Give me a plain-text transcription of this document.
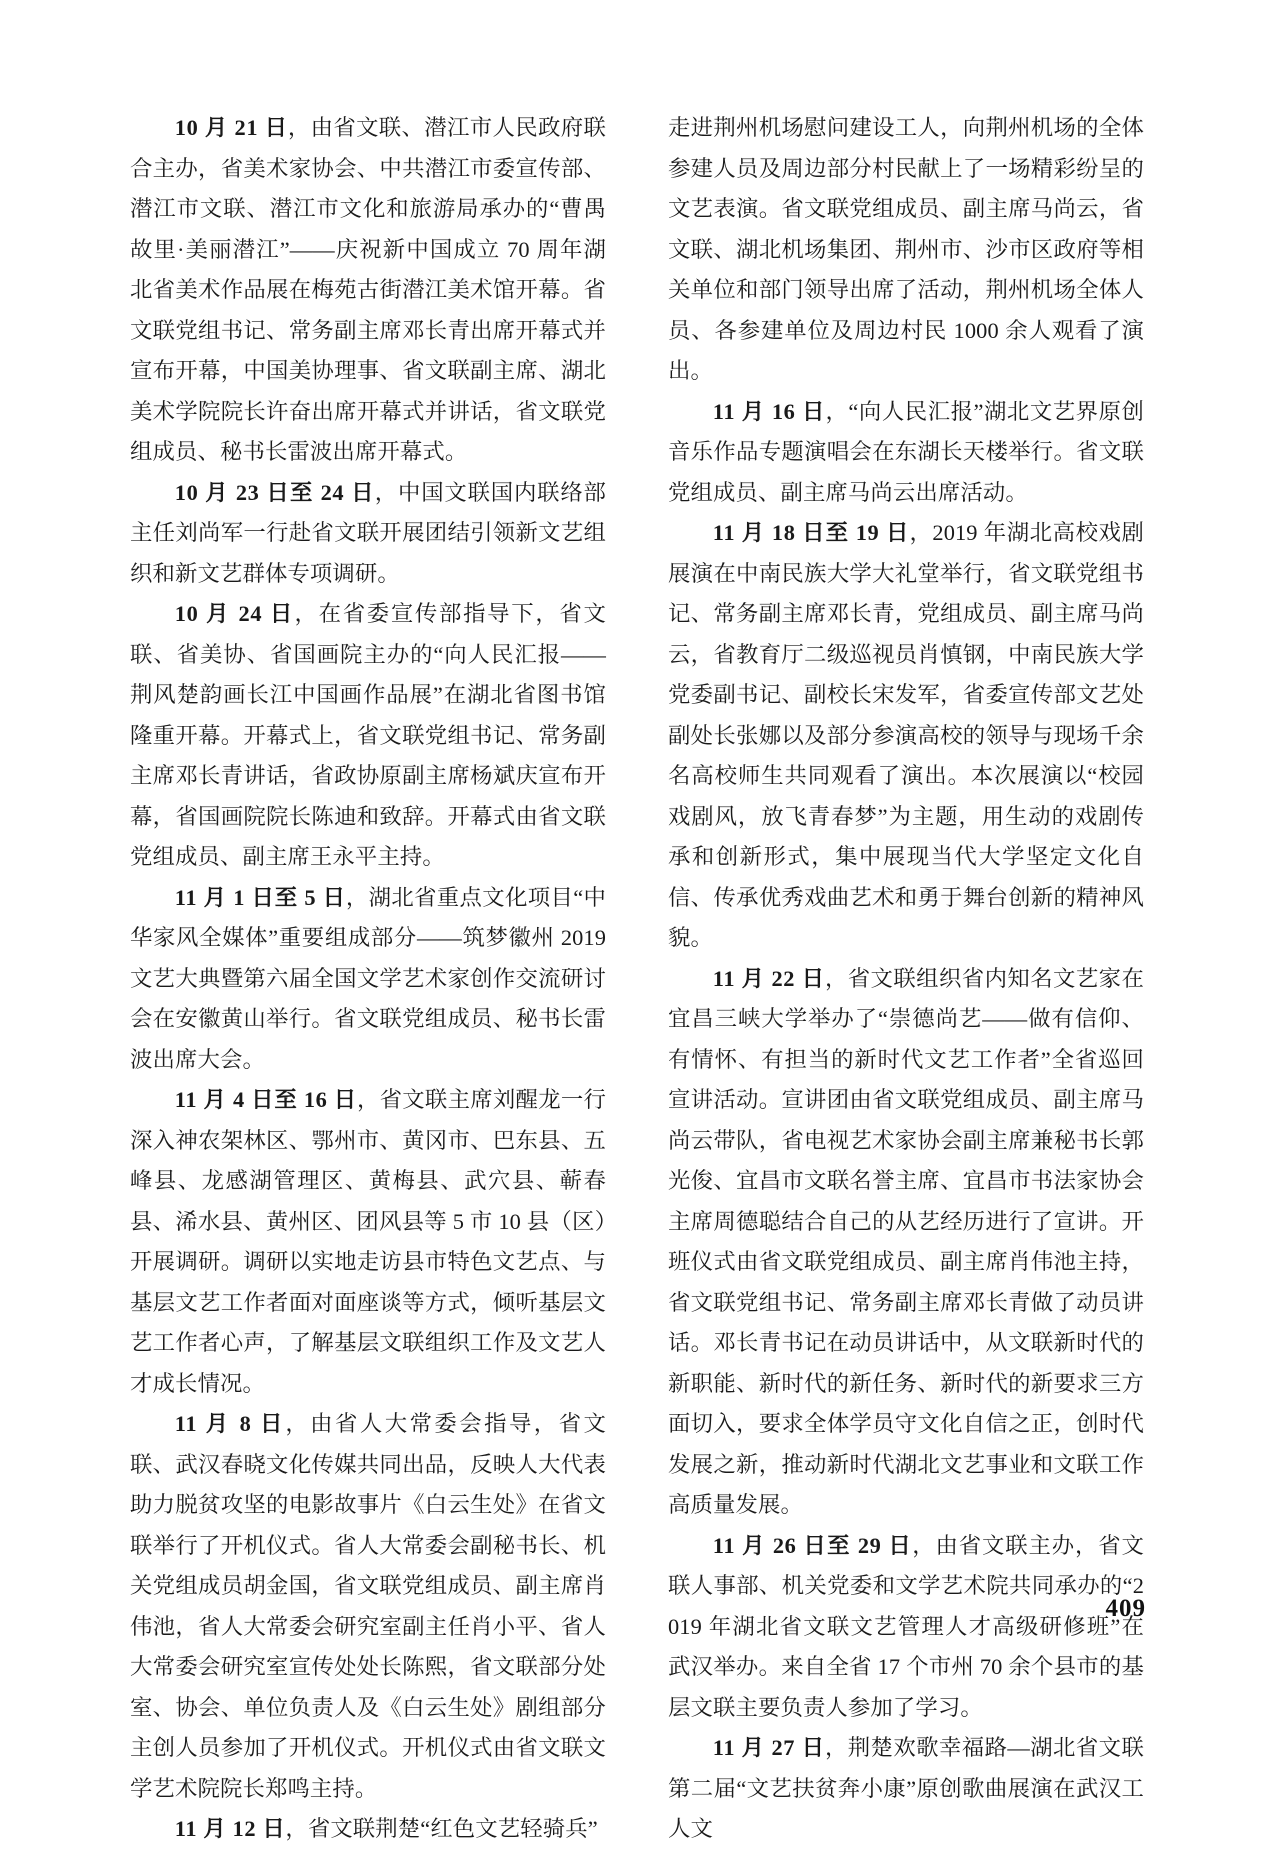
10 月 21 日，由省文联、潜江市人民政府联合主办，省美术家协会、中共潜江市委宣传部、潜江市文联、潜江市文化和旅游局承办的“曹禺故里·美丽潜江”——庆祝新中国成立 70 周年湖北省美术作品展在梅苑古街潜江美术馆开幕。省文联党组书记、常务副主席邓长青出席开幕式并宣布开幕，中国美协理事、省文联副主席、湖北美术学院院长许奋出席开幕式并讲话，省文联党组成员、秘书长雷波出席开幕式。

10 月 23 日至 24 日，中国文联国内联络部主任刘尚军一行赴省文联开展团结引领新文艺组织和新文艺群体专项调研。

10 月 24 日，在省委宣传部指导下，省文联、省美协、省国画院主办的“向人民汇报——荆风楚韵画长江中国画作品展”在湖北省图书馆隆重开幕。开幕式上，省文联党组书记、常务副主席邓长青讲话，省政协原副主席杨斌庆宣布开幕，省国画院院长陈迪和致辞。开幕式由省文联党组成员、副主席王永平主持。

11 月 1 日至 5 日，湖北省重点文化项目“中华家风全媒体”重要组成部分——筑梦徽州 2019 文艺大典暨第六届全国文学艺术家创作交流研讨会在安徽黄山举行。省文联党组成员、秘书长雷波出席大会。

11 月 4 日至 16 日，省文联主席刘醒龙一行深入神农架林区、鄂州市、黄冈市、巴东县、五峰县、龙感湖管理区、黄梅县、武穴县、蕲春县、浠水县、黄州区、团风县等 5 市 10 县（区）开展调研。调研以实地走访县市特色文艺点、与基层文艺工作者面对面座谈等方式，倾听基层文艺工作者心声，了解基层文联组织工作及文艺人才成长情况。

11 月 8 日，由省人大常委会指导，省文联、武汉春晓文化传媒共同出品，反映人大代表助力脱贫攻坚的电影故事片《白云生处》在省文联举行了开机仪式。省人大常委会副秘书长、机关党组成员胡金国，省文联党组成员、副主席肖伟池，省人大常委会研究室副主任肖小平、省人大常委会研究室宣传处处长陈熙，省文联部分处室、协会、单位负责人及《白云生处》剧组部分主创人员参加了开机仪式。开机仪式由省文联文学艺术院院长郑鸣主持。

11 月 12 日，省文联荆楚“红色文艺轻骑兵”

走进荆州机场慰问建设工人，向荆州机场的全体参建人员及周边部分村民献上了一场精彩纷呈的文艺表演。省文联党组成员、副主席马尚云，省文联、湖北机场集团、荆州市、沙市区政府等相关单位和部门领导出席了活动，荆州机场全体人员、各参建单位及周边村民 1000 余人观看了演出。

11 月 16 日，“向人民汇报”湖北文艺界原创音乐作品专题演唱会在东湖长天楼举行。省文联党组成员、副主席马尚云出席活动。

11 月 18 日至 19 日，2019 年湖北高校戏剧展演在中南民族大学大礼堂举行，省文联党组书记、常务副主席邓长青，党组成员、副主席马尚云，省教育厅二级巡视员肖慎钢，中南民族大学党委副书记、副校长宋发军，省委宣传部文艺处副处长张娜以及部分参演高校的领导与现场千余名高校师生共同观看了演出。本次展演以“校园戏剧风，放飞青春梦”为主题，用生动的戏剧传承和创新形式，集中展现当代大学坚定文化自信、传承优秀戏曲艺术和勇于舞台创新的精神风貌。

11 月 22 日，省文联组织省内知名文艺家在宜昌三峡大学举办了“崇德尚艺——做有信仰、有情怀、有担当的新时代文艺工作者”全省巡回宣讲活动。宣讲团由省文联党组成员、副主席马尚云带队，省电视艺术家协会副主席兼秘书长郭光俊、宜昌市文联名誉主席、宜昌市书法家协会主席周德聪结合自己的从艺经历进行了宣讲。开班仪式由省文联党组成员、副主席肖伟池主持，省文联党组书记、常务副主席邓长青做了动员讲话。邓长青书记在动员讲话中，从文联新时代的新职能、新时代的新任务、新时代的新要求三方面切入，要求全体学员守文化自信之正，创时代发展之新，推动新时代湖北文艺事业和文联工作高质量发展。

11 月 26 日至 29 日，由省文联主办，省文联人事部、机关党委和文学艺术院共同承办的“2019 年湖北省文联文艺管理人才高级研修班”在武汉举办。来自全省 17 个市州 70 余个县市的基层文联主要负责人参加了学习。

11 月 27 日，荆楚欢歌幸福路—湖北省文联第二届“文艺扶贫奔小康”原创歌曲展演在武汉工人文

409
